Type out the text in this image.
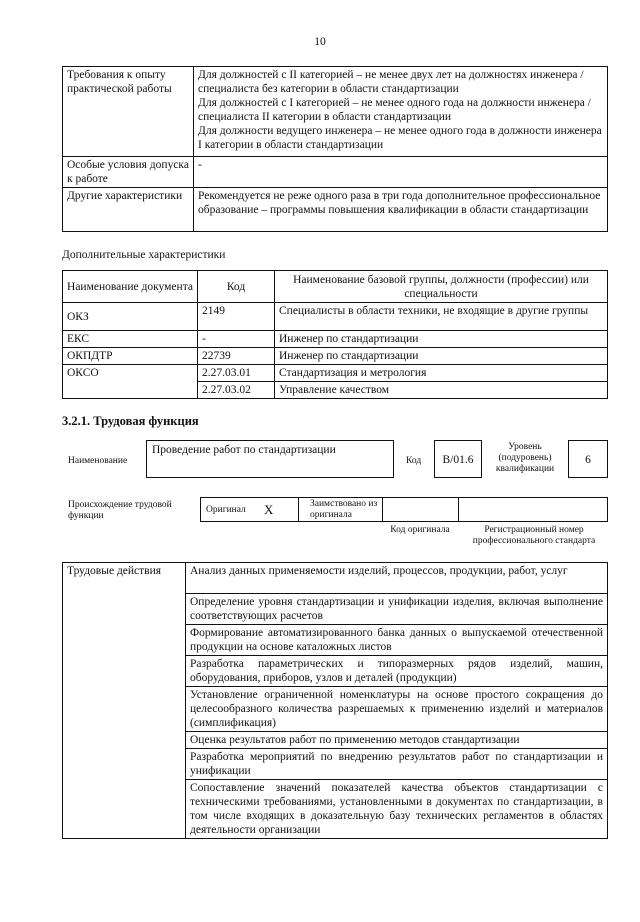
10
Требования к опыту практической работы	Для должностей с II категорией – не менее двух лет на должностях инженера / специалиста без категории в области стандартизации
Для должностей с I категорией – не менее одного года на должности инженера / специалиста II категории в области стандартизации
Для должности ведущего инженера – не менее одного года в должности инженера I категории в области стандартизации

Особые условия допуска к работе	-
Другие характеристики	Рекомендуется не реже одного раза в три года дополнительное профессиональное образование – программы повышения квалификации в области стандартизации
Дополнительные характеристики
Наименование документа	Код	Наименование базовой группы, должности (профессии) или специальности
ОКЗ	2149	Специалисты в области техники, не входящие в другие группы
ЕКС	-	Инженер по стандартизации
ОКПДТР	22739	Инженер по стандартизации
ОКСО	2.27.03.01	Стандартизация и метрология
	2.27.03.02	Управление качеством
3.2.1. Трудовая функция
Наименование
Проведение работ по стандартизации
Код	B/01.6
Уровень (подуровень) квалификации
6
Происхождение трудовой функции
Оригинал X	Заимствовано из оригинала
Код оригинала	Регистрационный номер профессионального стандарта
Трудовые действия	Анализ данных применяемости изделий, процессов, продукции, работ, услуг
Определение уровня стандартизации и унификации изделия, включая выполнение соответствующих расчетов
Формирование автоматизированного банка данных о выпускаемой отечественной продукции на основе каталожных листов
Разработка параметрических и типоразмерных рядов изделий, машин, оборудования, приборов, узлов и деталей (продукции)
Установление ограниченной номенклатуры на основе простого сокращения до целесообразного количества разрешаемых к применению изделий и материалов (симплификация)
Оценка результатов работ по применению методов стандартизации
Разработка мероприятий по внедрению результатов работ по стандартизации и унификации
Сопоставление значений показателей качества объектов стандартизации с техническими требованиями, установленными в документах по стандартизации, в том числе входящих в доказательную базу технических регламентов в областях деятельности организации
